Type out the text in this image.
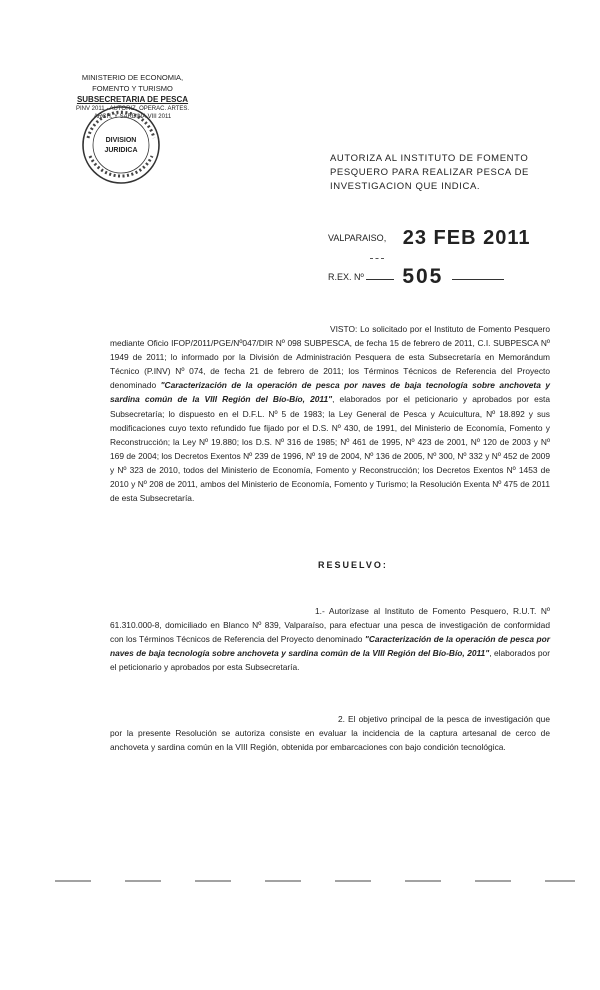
MINISTERIO DE ECONOMIA,
FOMENTO Y TURISMO
SUBSECRETARIA DE PESCA
PINV 2011 · AUTORIZ. OPERAC. ARTES.
ARCH. Y SARDINA VIII 2011
DIVISION
JURIDICA
AUTORIZA AL INSTITUTO DE FOMENTO PESQUERO PARA REALIZAR PESCA DE INVESTIGACION QUE INDICA.
VALPARAISO, 23 FEB 2011
R.EX. Nº 505
VISTO: Lo solicitado por el Instituto de Fomento Pesquero mediante Oficio IFOP/2011/PGE/Nº047/DIR Nº 098 SUBPESCA, de fecha 15 de febrero de 2011, C.I. SUBPESCA Nº 1949 de 2011; lo informado por la División de Administración Pesquera de esta Subsecretaría en Memorándum Técnico (P.INV) Nº 074, de fecha 21 de febrero de 2011; los Términos Técnicos de Referencia del Proyecto denominado "Caracterización de la operación de pesca por naves de baja tecnología sobre anchoveta y sardina común de la VIII Región del Bío-Bío, 2011", elaborados por el peticionario y aprobados por esta Subsecretaría; lo dispuesto en el D.F.L. Nº 5 de 1983; la Ley General de Pesca y Acuicultura, Nº 18.892 y sus modificaciones cuyo texto refundido fue fijado por el D.S. Nº 430, de 1991, del Ministerio de Economía, Fomento y Reconstrucción; la Ley Nº 19.880; los D.S. Nº 316 de 1985; Nº 461 de 1995, Nº 423 de 2001, Nº 120 de 2003 y Nº 169 de 2004; los Decretos Exentos Nº 239 de 1996, Nº 19 de 2004, Nº 136 de 2005, Nº 300, Nº 332 y Nº 452 de 2009 y Nº 323 de 2010, todos del Ministerio de Economía, Fomento y Reconstrucción; los Decretos Exentos Nº 1453 de 2010 y Nº 208 de 2011, ambos del Ministerio de Economía, Fomento y Turismo; la Resolución Exenta Nº 475 de 2011 de esta Subsecretaría.
RESUELVO:
1.- Autorízase al Instituto de Fomento Pesquero, R.U.T. Nº 61.310.000-8, domiciliado en Blanco Nº 839, Valparaíso, para efectuar una pesca de investigación de conformidad con los Términos Técnicos de Referencia del Proyecto denominado "Caracterización de la operación de pesca por naves de baja tecnología sobre anchoveta y sardina común de la VIII Región del Bío-Bío, 2011", elaborados por el peticionario y aprobados por esta Subsecretaría.
2. El objetivo principal de la pesca de investigación que por la presente Resolución se autoriza consiste en evaluar la incidencia de la captura artesanal de cerco de anchoveta y sardina común en la VIII Región, obtenida por embarcaciones con bajo condición tecnológica.
